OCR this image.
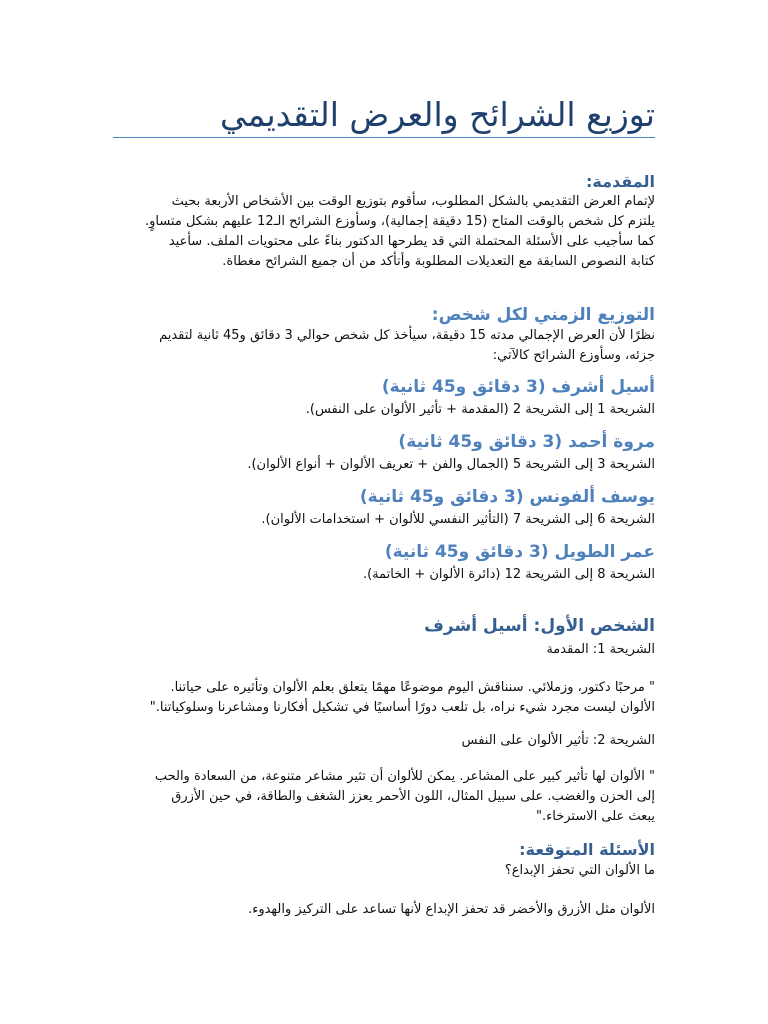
توزيع الشرائح والعرض التقديمي
المقدمة:
لإتمام العرض التقديمي بالشكل المطلوب، سأقوم بتوزيع الوقت بين الأشخاص الأربعة بحيث
يلتزم كل شخص بالوقت المتاح (15 دقيقة إجمالية)، وسأوزع الشرائح الـ12 عليهم بشكل متساوٍ.
كما سأجيب على الأسئلة المحتملة التي قد يطرحها الدكتور بناءً على محتويات الملف. سأعيد
كتابة النصوص السابقة مع التعديلات المطلوبة وأتأكد من أن جميع الشرائح مغطاة.
التوزيع الزمني لكل شخص:
نظرًا لأن العرض الإجمالي مدته 15 دقيقة، سيأخذ كل شخص حوالي 3 دقائق و45 ثانية لتقديم
جزئه، وسأوزع الشرائح كالآتي:
أسيل أشرف (3 دقائق و45 ثانية)
الشريحة 1 إلى الشريحة 2 (المقدمة + تأثير الألوان على النفس).
مروة أحمد (3 دقائق و45 ثانية)
الشريحة 3 إلى الشريحة 5 (الجمال والفن + تعريف الألوان + أنواع الألوان).
يوسف ألفونس (3 دقائق و45 ثانية)
الشريحة 6 إلى الشريحة 7 (التأثير النفسي للألوان + استخدامات الألوان).
عمر الطويل (3 دقائق و45 ثانية)
الشريحة 8 إلى الشريحة 12 (دائرة الألوان + الخاتمة).
الشخص الأول: أسيل أشرف
الشريحة 1: المقدمة
" مرحبًا دكتور، وزملائي. سنناقش اليوم موضوعًا مهمًا يتعلق بعلم الألوان وتأثيره على حياتنا.
الألوان ليست مجرد شيء نراه، بل تلعب دورًا أساسيًا في تشكيل أفكارنا ومشاعرنا وسلوكياتنا."
الشريحة 2: تأثير الألوان على النفس
" الألوان لها تأثير كبير على المشاعر. يمكن للألوان أن تثير مشاعر متنوعة، من السعادة والحب
إلى الحزن والغضب. على سبيل المثال، اللون الأحمر يعزز الشغف والطاقة، في حين الأزرق
يبعث على الاسترخاء."
الأسئلة المتوقعة:
ما الألوان التي تحفز الإبداع؟
الألوان مثل الأزرق والأخضر قد تحفز الإبداع لأنها تساعد على التركيز والهدوء.
